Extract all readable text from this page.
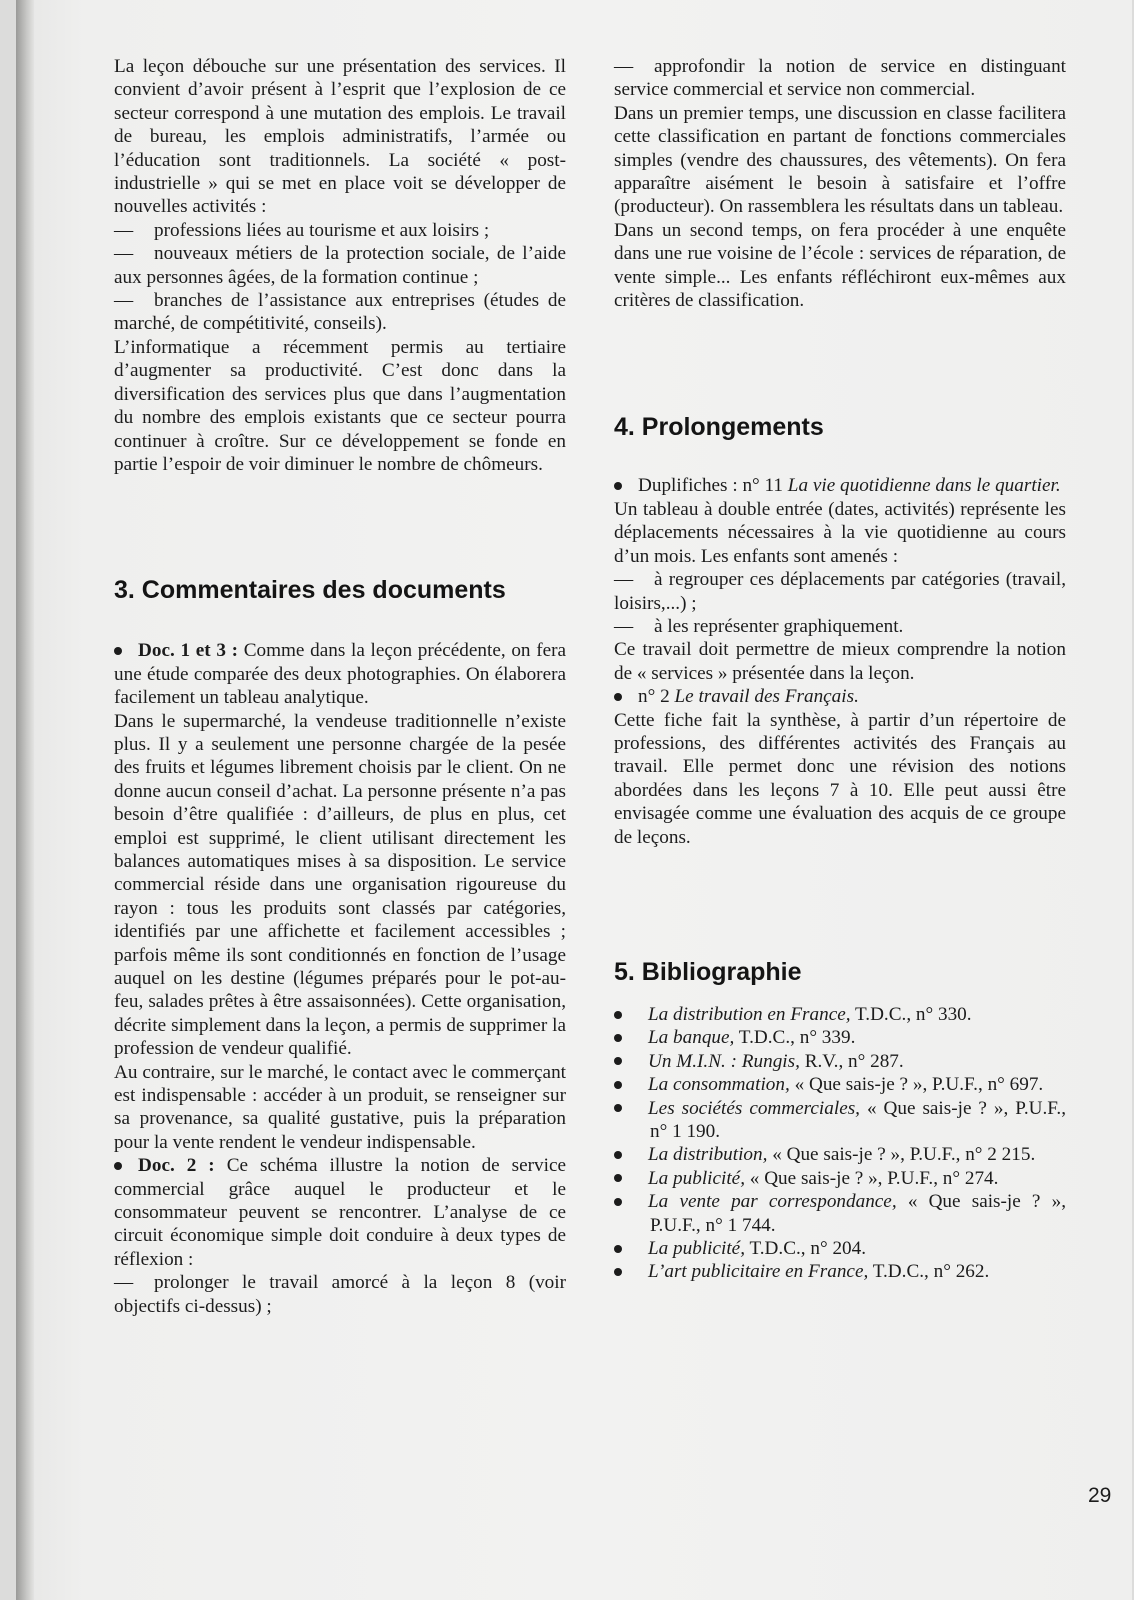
La leçon débouche sur une présentation des services. Il convient d’avoir présent à l’esprit que l’explosion de ce secteur correspond à une mutation des emplois. Le travail de bureau, les emplois administratifs, l’armée ou l’éducation sont traditionnels. La société « post-industrielle » qui se met en place voit se développer de nouvelles activités :

— professions liées au tourisme et aux loisirs ;

— nouveaux métiers de la protection sociale, de l’aide aux personnes âgées, de la formation continue ;

— branches de l’assistance aux entreprises (études de marché, de compétitivité, conseils).

L’informatique a récemment permis au tertiaire d’augmenter sa productivité. C’est donc dans la diversification des services plus que dans l’augmentation du nombre des emplois existants que ce secteur pourra continuer à croître. Sur ce développement se fonde en partie l’espoir de voir diminuer le nombre de chômeurs.

3. Commentaires des documents

Doc. 1 et 3 : Comme dans la leçon précédente, on fera une étude comparée des deux photographies. On élaborera facilement un tableau analytique.

Dans le supermarché, la vendeuse traditionnelle n’existe plus. Il y a seulement une personne chargée de la pesée des fruits et légumes librement choisis par le client. On ne donne aucun conseil d’achat. La personne présente n’a pas besoin d’être qualifiée : d’ailleurs, de plus en plus, cet emploi est supprimé, le client utilisant directement les balances automatiques mises à sa disposition. Le service commercial réside dans une organisation rigoureuse du rayon : tous les produits sont classés par catégories, identifiés par une affichette et facilement accessibles ; parfois même ils sont conditionnés en fonction de l’usage auquel on les destine (légumes préparés pour le pot-au-feu, salades prêtes à être assaisonnées). Cette organisation, décrite simplement dans la leçon, a permis de supprimer la profession de vendeur qualifié.

Au contraire, sur le marché, le contact avec le commerçant est indispensable : accéder à un produit, se renseigner sur sa provenance, sa qualité gustative, puis la préparation pour la vente rendent le vendeur indispensable.

Doc. 2 : Ce schéma illustre la notion de service commercial grâce auquel le producteur et le consommateur peuvent se rencontrer. L’analyse de ce circuit économique simple doit conduire à deux types de réflexion :

— prolonger le travail amorcé à la leçon 8 (voir objectifs ci-dessus) ;

— approfondir la notion de service en distinguant service commercial et service non commercial.

Dans un premier temps, une discussion en classe facilitera cette classification en partant de fonctions commerciales simples (vendre des chaussures, des vêtements). On fera apparaître aisément le besoin à satisfaire et l’offre (producteur). On rassemblera les résultats dans un tableau.

Dans un second temps, on fera procéder à une enquête dans une rue voisine de l’école : services de réparation, de vente simple... Les enfants réfléchiront eux-mêmes aux critères de classification.

4. Prolongements

Duplifiches : n° 11 La vie quotidienne dans le quartier.

Un tableau à double entrée (dates, activités) représente les déplacements nécessaires à la vie quotidienne au cours d’un mois. Les enfants sont amenés :

— à regrouper ces déplacements par catégories (travail, loisirs,...) ;

— à les représenter graphiquement.

Ce travail doit permettre de mieux comprendre la notion de « services » présentée dans la leçon.

n° 2 Le travail des Français.

Cette fiche fait la synthèse, à partir d’un répertoire de professions, des différentes activités des Français au travail. Elle permet donc une révision des notions abordées dans les leçons 7 à 10. Elle peut aussi être envisagée comme une évaluation des acquis de ce groupe de leçons.

5. Bibliographie

La distribution en France, T.D.C., n° 330.

La banque, T.D.C., n° 339.

Un M.I.N. : Rungis, R.V., n° 287.

La consommation, « Que sais-je ? », P.U.F., n° 697.

Les sociétés commerciales, « Que sais-je ? », P.U.F., n° 1 190.

La distribution, « Que sais-je ? », P.U.F., n° 2 215.

La publicité, « Que sais-je ? », P.U.F., n° 274.

La vente par correspondance, « Que sais-je ? », P.U.F., n° 1 744.

La publicité, T.D.C., n° 204.

L’art publicitaire en France, T.D.C., n° 262.

29
